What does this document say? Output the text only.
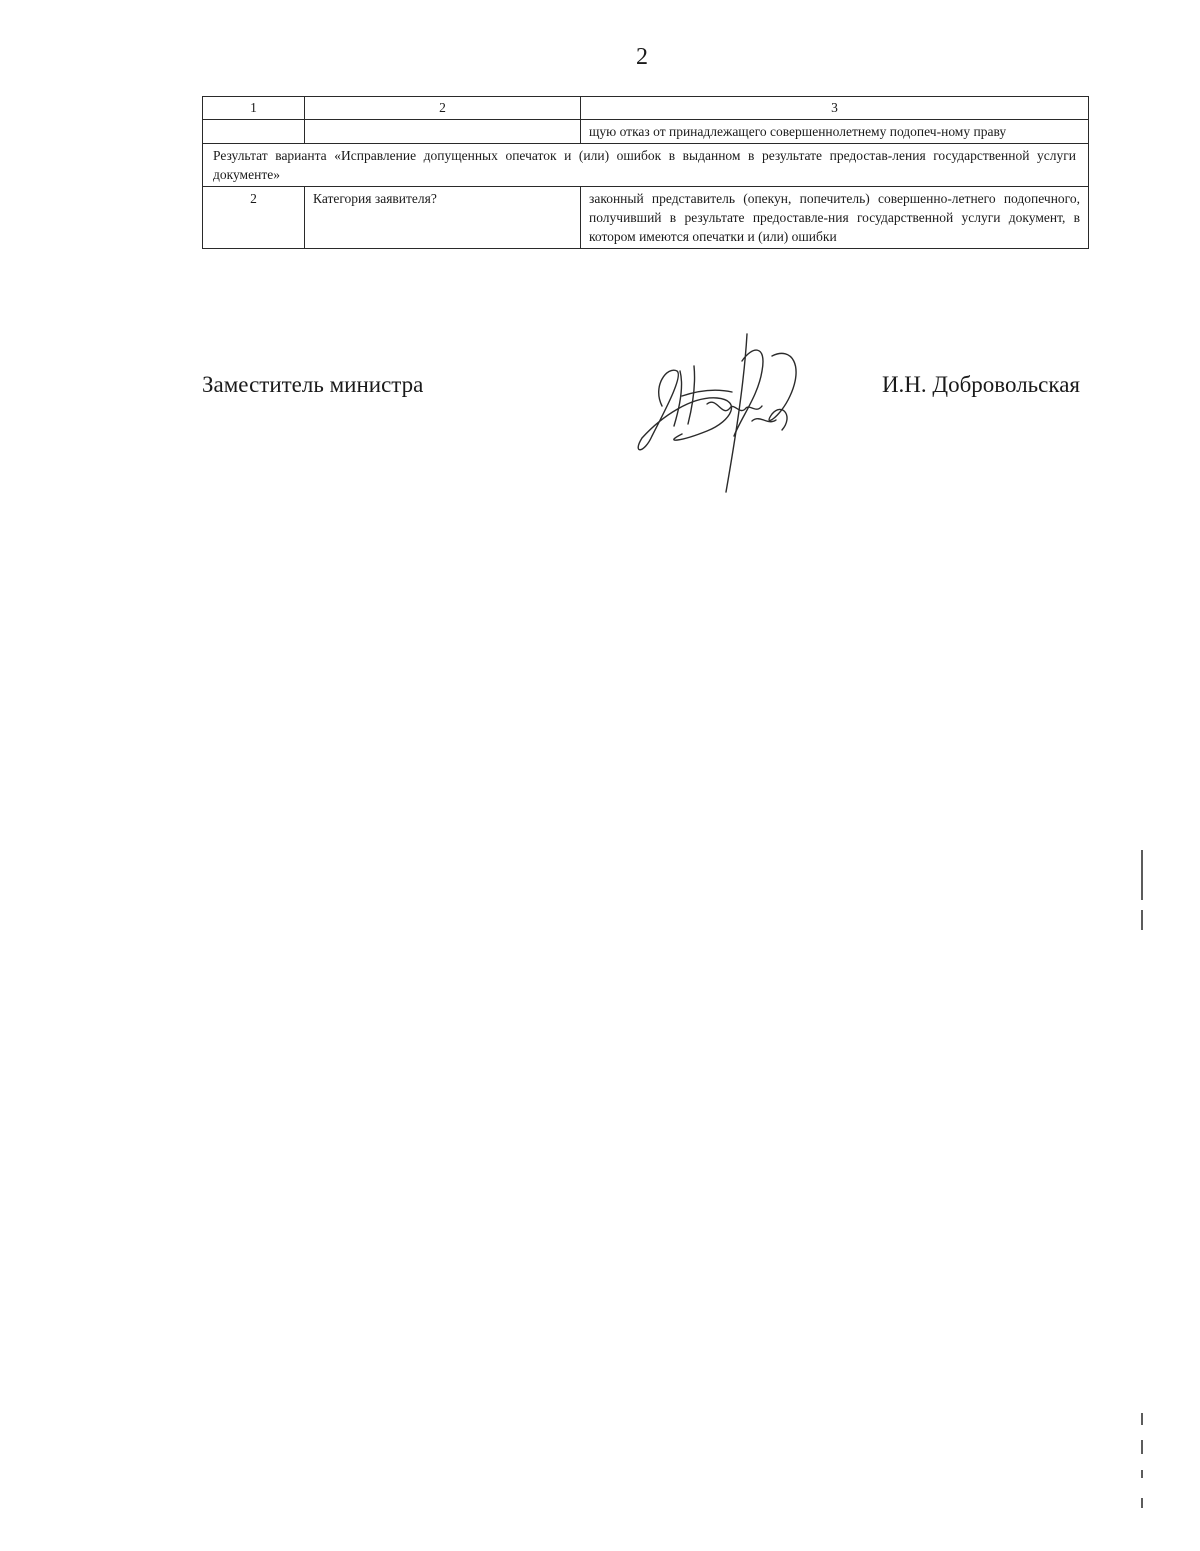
2
1	2	3
		щую отказ от принадлежащего совершеннолетнему подопеч-ному праву
Результат варианта «Исправление допущенных опечаток и (или) ошибок в выданном в результате предостав-ления государственной услуги документе»		
2	Категория заявителя?	законный представитель (опекун, попечитель) совершенно-летнего подопечного, получивший в результате предоставле-ния государственной услуги документ, в котором имеются опечатки и (или) ошибки
Заместитель министра	И.Н. Добровольская
